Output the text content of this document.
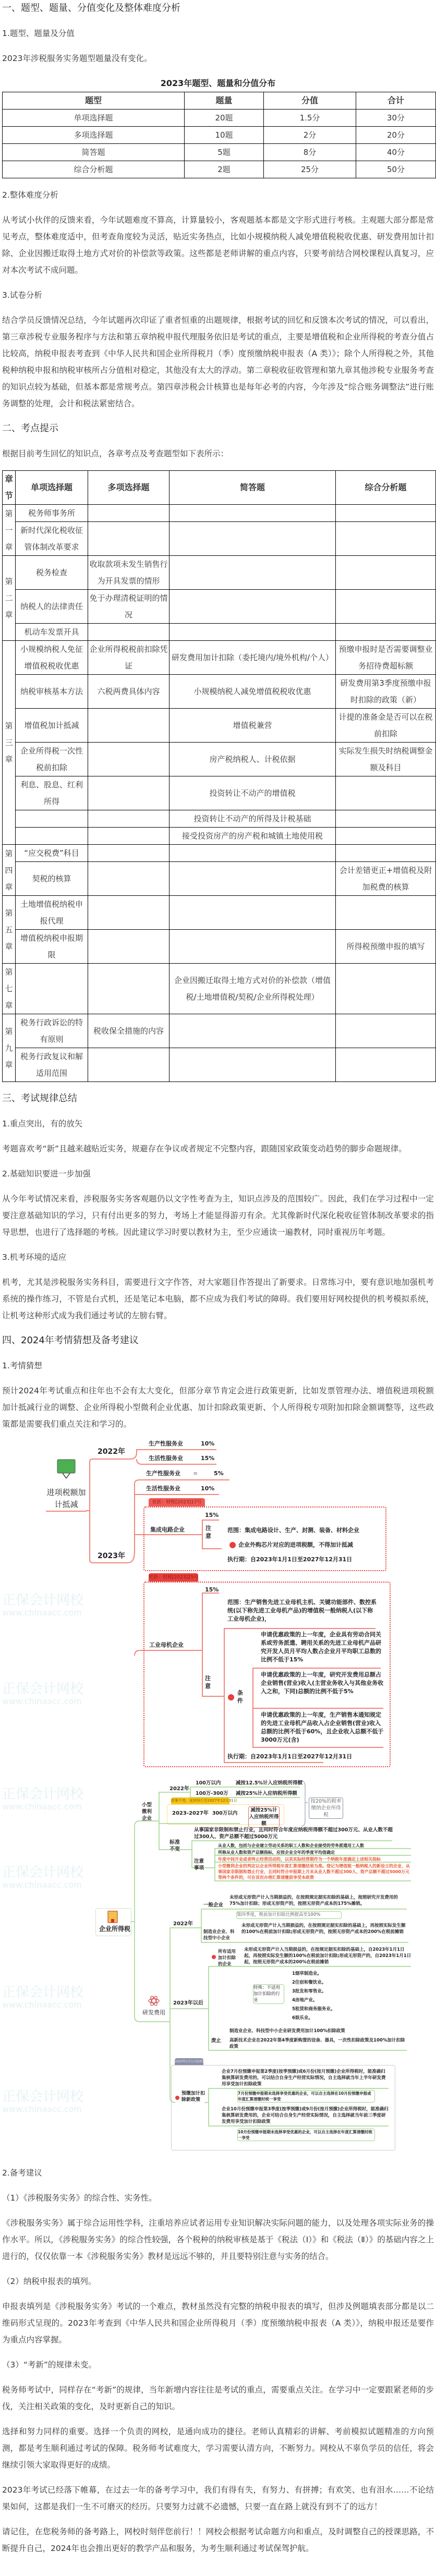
一、题型、题量、分值变化及整体难度分析
1.题型、题量及分值
2023年涉税服务实务题型题量没有变化。
2023年题型、题量和分值分布
题型	题量	分值	合计
单项选择题	20题	1.5分	30分
多项选择题	10题	2分	20分
简答题	5题	8分	40分
综合分析题	2题	25分	50分
2.整体难度分析
从考试小伙伴的反馈来看，今年试题难度不算高，计算量较小，客观题基本都是文字形式进行考核。主观题大部分都是常见考点，整体难度适中，但考查角度较为灵活，贴近实务热点，比如小规模纳税人减免增值税税收优惠、研发费用加计扣除、企业因搬迁取得土地方式对价的补偿款等政策。这些都是老师讲解的重点内容，只要考前结合网校课程认真复习，应对本次考试不成问题。
3.试卷分析
结合学员反馈情况总结，今年试题再次印证了重者恒重的出题规律，根据考试的回忆和反馈本次考试的情况，可以看出，第三章涉税专业服务程序与方法和第五章纳税申报代理服务依旧是考试的重点，主要是增值税和企业所得税的考查分值占比较高，纳税申报表考查到《中华人民共和国企业所得税月（季）度预缴纳税申报表（A 类）》；除个人所得税之外，其他税种纳税申报和纳税审核所占分值相对稳定，其他没有太大的浮动。第二章税收征收管理和第九章其他涉税专业服务考查的知识点较为基础，但基本都是常规考点。第四章涉税会计核算也是每年必考的内容，今年涉及“综合账务调整法”进行账务调整的处理，会计和税法紧密结合。
二、考点提示
根据目前考生回忆的知识点，各章考点及考查题型如下表所示：
章节	单项选择题	多项选择题	简答题	综合分析题
第一章	税务师事务所			
	新时代深化税收征管体制改革要求			
第二章	税务检查	收取款项未发生销售行为开具发票的情形		
	纳税人的法律责任	免于办理清税证明的情况		
	机动车发票开具			
第三章	小规模纳税人免征增值税税收优惠	企业所得税税前扣除凭证	研发费用加计扣除（委托境内/境外机构/个人）	预缴申报时是否需要调整业务招待费超标额
	纳税审核基本方法	六税两费具体内容	小规模纳税人减免增值税税收优惠	研发费用第3季度预缴申报时扣除的政策（新）
	增值税加计抵减		增值税兼营	计提的准备金是否可以在税前扣除
	企业所得税一次性税前扣除		房产税纳税人、计税依据	实际发生损失时纳税调整金额及科目
	利息、股息、红利所得		投资转让不动产的增值税	
			投资转让不动产的所得及计税基础	
			接受投资房产的房产税和城镇土地使用税	
第四章	“应交税费”科目			
	契税的核算			会计差错更正+增值税及附加税费的核算
第五章	土地增值税纳税申报代理			
	增值税纳税申报期限			所得税预缴申报的填写
第七章			企业因搬迁取得土地方式对价的补偿款（增值税/土地增值税/契税/企业所得税处理）	
第九章	税务行政诉讼的特有原则	税收保全措施的内容		
	税务行政复议和解适用范围			
三、考试规律总结
1.重点突出，有的放矢
考题喜欢考“新”且越来越贴近实务，规避存在争议或者规定不完整内容，跟随国家政策变动趋势的脚步命题规律。
2.基础知识要进一步加强
从今年考试情况来看，涉税服务实务客观题仍以文字性考查为主，知识点涉及的范围较广。因此，我们在学习过程中一定要注意基础知识的学习，只有付出更多的努力，考场上才能显得游刃有余。尤其像新时代深化税收征管体制改革要求的指导思想，也进行了选择题的考核。因此建议学习时要以教材为主，至少应通读一遍教材，同时重视历年考题。
3.机考环境的适应
机考，尤其是涉税服务实务科目，需要进行文字作答，对大家题目作答提出了新要求。日常练习中，要有意识地加强机考系统的操作练习，不管是台式机，还是笔记本电脑，都不应成为我们考试的障碍。我们要用好网校提供的机考模拟系统，让机考这种形式成为我们通过考试的左膀右臂。
四、2024年考情猜想及备考建议
1.考情猜想
预计2024年考试重点和往年也不会有太大变化，但部分章节肯定会进行政策更新，比如发票管理办法、增值税进项税额加计抵减行业的调整、企业所得税小型微利企业优惠、加计扣除政策更新、个人所得税专项附加扣除金额调整等，这些政策都是需要我们重点关注和学习的。
正保会计网校
www.chinaacc.com
正保会计网校
www.chinaacc.com
进项税额加计抵减
2022年
生产性服务业	10%
生活性服务业	15%
2023年
生产性服务业 =	5%
生活性服务业	10%
更新：财税[2023]17号
15%
集成电路企业	注意
范围：集成电路设计、生产、封测、装备、材料企业
企业外购芯片对应的进项税额，不得加计抵减
执行期：自2023年1月1日至2027年12月31日
更新：财税[2023]25号
15%
范围：生产销售先进工业母机主机、关键功能部件、数控系统(以下称先进工业母机产品)的增值税一般纳税人(以下称工业母机企业)，
工业母机企业
注意
条件
申请优惠政策的上一年度，企业具有劳动合同关系或劳务派遣、聘用关系的先进工业母机产品研究开发人员月平均人数占企业月平均职工总数的比例不低于15%
申请优惠政策的上一年度，研究开发费用总额占企业销售(营业)收入(主营业务收入与其他业务收入之和，下同)总额的比例不低于5%
申请优惠政策的上一年度，生产销售本通知规定的先进工业母机产品收入占企业销售(营业)收入总额的比例不低于60%，且企业收入总额不低于3000万元(含)
执行期：自2023年1月1日至2027年12月31日
正保会计网校
www.chinaacc.com
正保会计网校
www.chinaacc.com
正保会计网校
www.chinaacc.com
正保会计网校
www.chinaacc.com
企业所得税
小型微利企业
2022年
100万以内	减按12.5%计入应纳税所得额
100万-300万 减按25%计入应纳税所得额
政策不变，延续执行至2027年12月31日
2023-2027年 300万以内
减按25%计入应纳税所得额
按20%的税率缴纳企业所得税
标准不变
从事国家非限制和禁止行业，且同时符合年度应纳税所得额不超过300万元、从业人数不超过300人、资产总额不超过5000万元
注意事项
从业人数，包括与企业建立劳动关系的职工人数和企业接受的劳务派遣用工人数
所称从业人数和资产总额指标，应按企业全年的季度平均值确定
年度中间开业或者终止经营活动的，以其实际经营期作为一个纳税年度确定上述相关指标
小型微利企业的判定以企业所得税年度汇算清缴结果为准。登记为增值税一般纳税人的新设立的企业，从事国家非限制和禁止行业，且同时符合申报期上月末从业人数不超过300人、资产总额不超过5000万元等两个条件的，可在首次办理汇算清缴前享受本政策
研发费用
2022年
一般企业
未形成无形资产计入当期损益的，在按照规定据实扣除的基础上，按照研究开发费用的75%加计扣除；形成无形资产的，按照无形资产成本的175%摊销。
第四季度，税前加计扣除比例提高至100%
制造业企业、科技型中小企业
未形成无形资产计入当期损益的，在按照规定据实扣除的基础上，再按照实际发生额的100%在税前加计扣除;形成无形资产的，按照无形资产成本的200%在税前摊销
2023年以后
所有适用加计扣除的企业
未形成无形资产计入当期损益的，在按规定据实扣除的基础上，自2023年1月1日起，再按照实际发生额的100%在税前加计扣除;形成无形资产的，自2023年1月1日起，按照无形资产成本的200%在税前摊销
特殊：不适用加计扣除的行业
1烟草制造业。
2住宿和餐饮业。
3批发和零售业。
4房地产业。
5租赁和商务服务业。
6娱乐业。
废止
制造业企业、科技型中小企业研发费用加计100%扣除政策
高新技术企业在2022年第4季度新购置的设备、器具，一次性扣除政策及100%加计扣除政策
2023年1月1日起执行
预缴加计扣除新政策
企业7月份预缴申报第2季度(按季预缴)或6月份(按月预缴)企业所得税时，能准确归集核算研发费用的，可以结合自身生产经营实际情况，自主选择就当年上半年研发费用享受加计扣除政策
7月份预缴申报期未选择享受优惠的企业，可以自主选择在10月份预缴申报或年度汇算清缴时统一享受
企业10月份预缴申报第3季度(按季预缴)或9月份(按月预缴)企业所得税时，能准确归集核算研发费用的，企业可结合自身生产经营实际情况，自主选择就当年前三季度研发费用享受加计扣除政策
10月份预缴申报期未选择享受优惠的企业，可以自主选择在年度汇算清缴时统一享受
2.备考建议
（1）《涉税服务实务》的综合性、实务性。
《涉税服务实务》属于综合运用性学科，注重培养应试者运用专业知识解决实际问题的能力，以及处理各项实际业务的操作水平。所以，《涉税服务实务》的综合性较强，各个税种的纳税审核是基于《税法（Ⅰ）》和《税法（Ⅱ）》的基础内容之上进行的，仅仅依靠一本《涉税服务实务》教材是远远不够的，并且要特别注意与实务的结合。
（2）纳税申报表的填列。
申报表填列是《涉税服务实务》考试的一个难点，教材虽然没有完整的纳税申报表的填写，但涉及例题填表部分都是以二维码形式呈现的。2023年考查到《中华人民共和国企业所得税月（季）度预缴纳税申报表（A 类）》，纳税申报还是要作为重点内容掌握。
（3）“考新”的规律未变。
税务师考试中，同样存在“考新”的规律，当年新增内容往往是考试的重点，需要重点关注。在学习中一定要跟紧老师的步伐，关注相关政策的变化，及时更新自己的知识。
选择和努力同样的重要。选择一个负责的网校，是通向成功的捷径。老师认真精彩的讲解、考前模拟试题精准的方向预测，都是考生顺利通过考试的保障。税务师考试难度大，学习需要认清方向，不断努力。网校从不辜负学员的信任，将会继续引领大家取得更好的成绩。
2023年考试已经落下帷幕，在过去一年的备考学习中，我们有得有失，有努力、有拼搏；有欢笑、也有泪水……不论结果如何，这都是我们一生不可磨灭的经历。只要努力过就不必遗憾，只要一直在路上就没有到不了的远方！
请记住，在您税务师的备考路上，网校时刻伴您前行！！网校会根据考试命题方向和重点，及时调整自己的授课思路，不断提升自己，2024年也会推出更好的教学产品和服务，为考生顺利通过考试保驾护航。
